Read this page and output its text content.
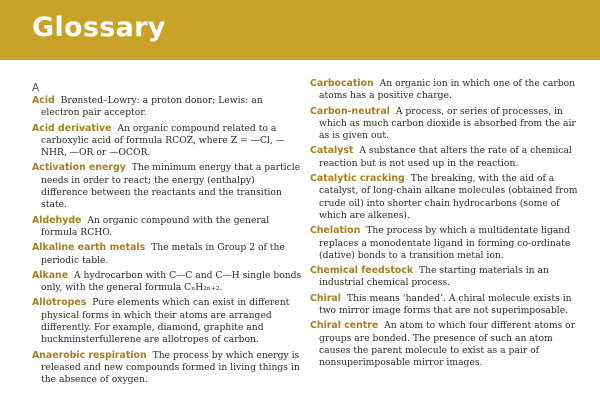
Glossary
A

Acid Brønsted–Lowry: a proton donor; Lewis: an electron pair acceptor.

Acid derivative An organic compound related to a carboxylic acid of formula RCOZ, where Z = —Cl, —NHR, —OR or —OCOR.

Activation energy The minimum energy that a particle needs in order to react; the energy (enthalpy) difference between the reactants and the transition state.

Aldehyde An organic compound with the general formula RCHO.

Alkaline earth metals The metals in Group 2 of the periodic table.

Alkane A hydrocarbon with C—C and C—H single bonds only, with the general formula CₙH₂ₙ₊₂.

Allotropes Pure elements which can exist in different physical forms in which their atoms are arranged differently. For example, diamond, graphite and buckminsterfullerene are allotropes of carbon.

Anaerobic respiration The process by which energy is released and new compounds formed in living things in the absence of oxygen.

Carbocation An organic ion in which one of the carbon atoms has a positive charge.

Carbon-neutral A process, or series of processes, in which as much carbon dioxide is absorbed from the air as is given out.

Catalyst A substance that alters the rate of a chemical reaction but is not used up in the reaction.

Catalytic cracking The breaking, with the aid of a catalyst, of long-chain alkane molecules (obtained from crude oil) into shorter chain hydrocarbons (some of which are alkenes).

Chelation The process by which a multidentate ligand replaces a monodentate ligand in forming co-ordinate (dative) bonds to a transition metal ion.

Chemical feedstock The starting materials in an industrial chemical process.

Chiral This means ‘handed’. A chiral molecule exists in two mirror image forms that are not superimposable.

Chiral centre An atom to which four different atoms or groups are bonded. The presence of such an atom causes the parent molecule to exist as a pair of nonsuperimposable mirror images.
